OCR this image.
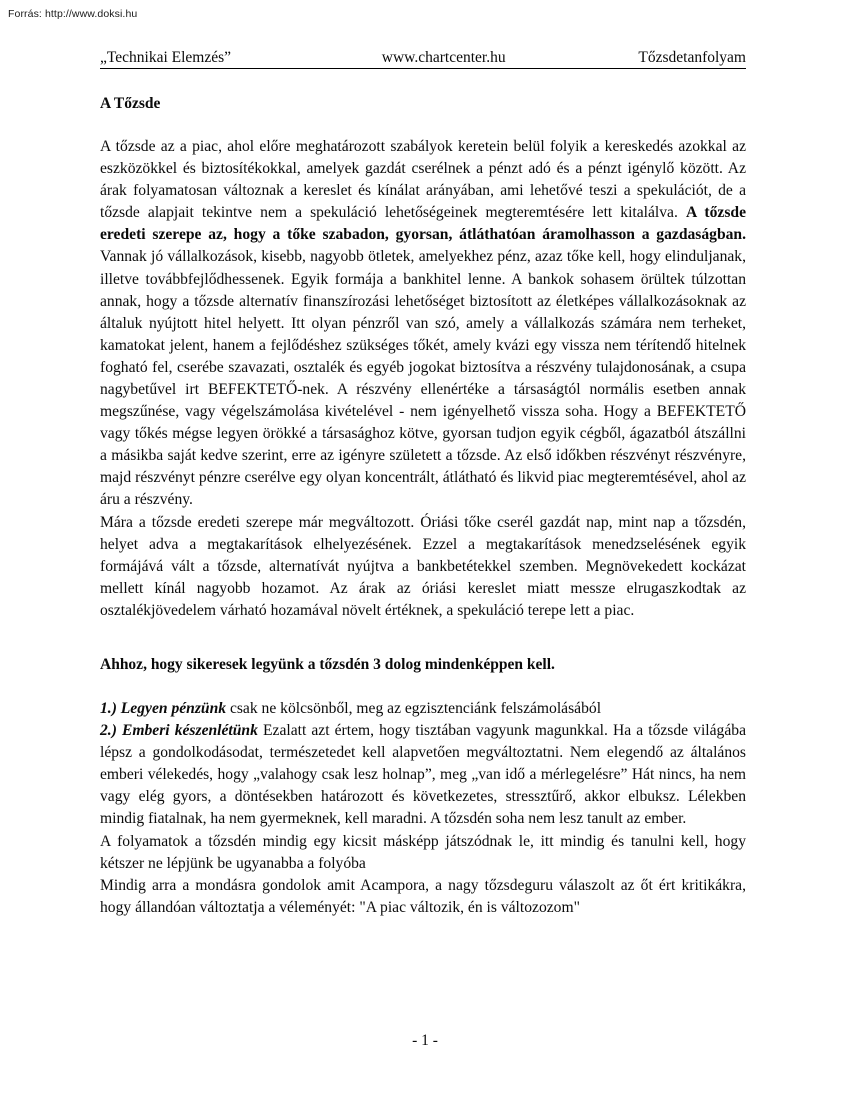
Forrás: http://www.doksi.hu
„Technikai Elemzés”	www.chartcenter.hu	Tőzsdetanfolyam
A Tőzsde

A tőzsde az a piac, ahol előre meghatározott szabályok keretein belül folyik a kereskedés azokkal az eszközökkel és biztosítékokkal, amelyek gazdát cserélnek a pénzt adó és a pénzt igénylő között. Az árak folyamatosan változnak a kereslet és kínálat arányában, ami lehetővé teszi a spekulációt, de a tőzsde alapjait tekintve nem a spekuláció lehetőségeinek megteremtésére lett kitalálva. A tőzsde eredeti szerepe az, hogy a tőke szabadon, gyorsan, átláthatóan áramolhasson a gazdaságban. Vannak jó vállalkozások, kisebb, nagyobb ötletek, amelyekhez pénz, azaz tőke kell, hogy elinduljanak, illetve továbbfejlődhessenek. Egyik formája a bankhitel lenne. A bankok sohasem örültek túlzottan annak, hogy a tőzsde alternatív finanszírozási lehetőséget biztosított az életképes vállalkozásoknak az általuk nyújtott hitel helyett. Itt olyan pénzről van szó, amely a vállalkozás számára nem terheket, kamatokat jelent, hanem a fejlődéshez szükséges tőkét, amely kvázi egy vissza nem térítendő hitelnek fogható fel, cserébe szavazati, osztalék és egyéb jogokat biztosítva a részvény tulajdonosának, a csupa nagybetűvel irt BEFEKTETŐ-nek. A részvény ellenértéke a társaságtól normális esetben annak megszűnése, vagy végelszámolása kivételével - nem igényelhető vissza soha. Hogy a BEFEKTETŐ vagy tőkés mégse legyen örökké a társasághoz kötve, gyorsan tudjon egyik cégből, ágazatból átszállni a másikba saját kedve szerint, erre az igényre született a tőzsde. Az első időkben részvényt részvényre, majd részvényt pénzre cserélve egy olyan koncentrált, átlátható és likvid piac megteremtésével, ahol az áru a részvény.

Mára a tőzsde eredeti szerepe már megváltozott. Óriási tőke cserél gazdát nap, mint nap a tőzsdén, helyet adva a megtakarítások elhelyezésének. Ezzel a megtakarítások menedzselésének egyik formájává vált a tőzsde, alternatívát nyújtva a bankbetétekkel szemben. Megnövekedett kockázat mellett kínál nagyobb hozamot. Az árak az óriási kereslet miatt messze elrugaszkodtak az osztalékjövedelem várható hozamával növelt értéknek, a spekuláció terepe lett a piac.

Ahhoz, hogy sikeresek legyünk a tőzsdén 3 dolog mindenképpen kell.

1.) Legyen pénzünk csak ne kölcsönből, meg az egzisztenciánk felszámolásából

2.) Emberi készenlétünk Ezalatt azt értem, hogy tisztában vagyunk magunkkal. Ha a tőzsde világába lépsz a gondolkodásodat, természetedet kell alapvetően megváltoztatni. Nem elegendő az általános emberi vélekedés, hogy „valahogy csak lesz holnap”, meg „van idő a mérlegelésre” Hát nincs, ha nem vagy elég gyors, a döntésekben határozott és következetes, stressztűrő, akkor elbuksz. Lélekben mindig fiatalnak, ha nem gyermeknek, kell maradni. A tőzsdén soha nem lesz tanult az ember.

A folyamatok a tőzsdén mindig egy kicsit másképp játszódnak le, itt mindig és tanulni kell, hogy kétszer ne lépjünk be ugyanabba a folyóba

Mindig arra a mondásra gondolok amit Acampora, a nagy tőzsdeguru válaszolt az őt ért kritikákra, hogy állandóan változtatja a véleményét: "A piac változik, én is változozom"

- 1 -
